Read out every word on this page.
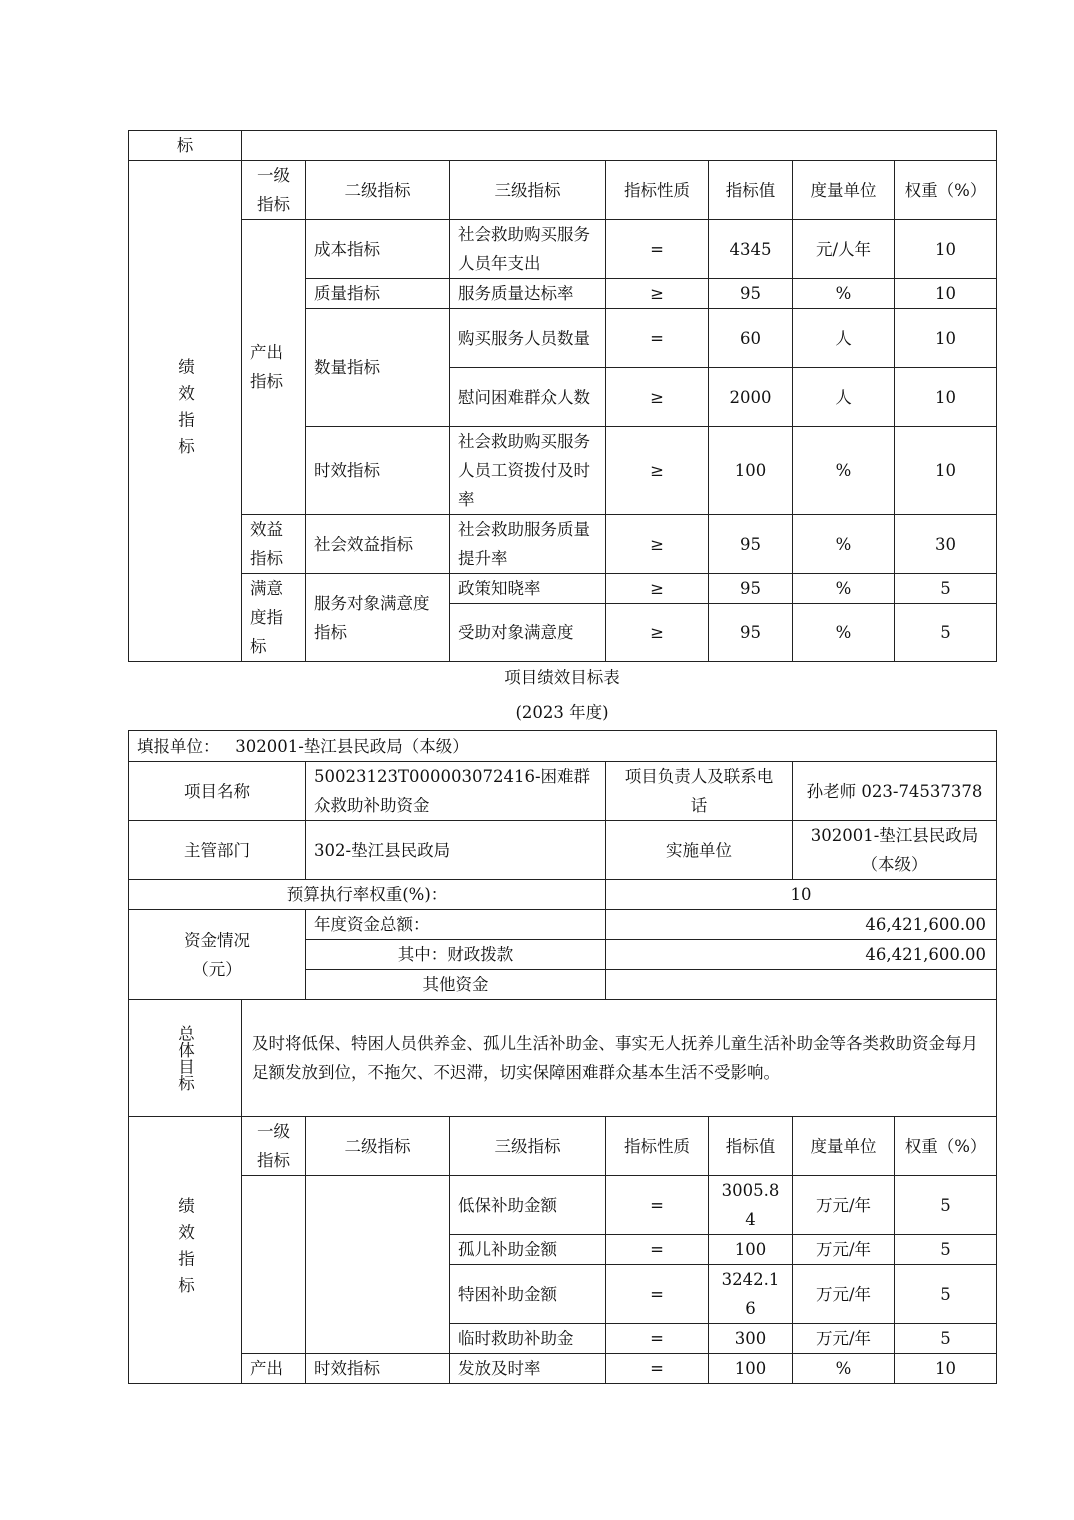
标							
绩效指标	一级指标	二级指标	三级指标	指标性质	指标值	度量单位	权重（%）
	产出指标	成本指标	社会救助购买服务人员年支出	=	4345	元/人年	10
		质量指标	服务质量达标率	≥	95	%	10
		数量指标	购买服务人员数量	=	60	人	10
			慰问困难群众人数	≥	2000	人	10
		时效指标	社会救助购买服务人员工资拨付及时率	≥	100	%	10
	效益指标	社会效益指标	社会救助服务质量提升率	≥	95	%	30
	满意度指标	服务对象满意度指标	政策知晓率	≥	95	%	5
			受助对象满意度	≥	95	%	5
项目绩效目标表
(2023 年度)
填报单位： 302001-垫江县民政局（本级）							
项目名称		50023123T000003072416-困难群众救助补助资金		项目负责人及联系电话		孙老师 023-74537378	
主管部门		302-垫江县民政局		实施单位		302001-垫江县民政局（本级）	
预算执行率权重(%)：				10			
资金情况（元）		年度资金总额：		46,421,600.00			
		其中：财政拨款		46,421,600.00			
		其他资金					
总体目标	及时将低保、特困人员供养金、孤儿生活补助金、事实无人抚养儿童生活补助金等各类救助资金每月足额发放到位，不拖欠、不迟滞，切实保障困难群众基本生活不受影响。						
绩效指标	一级指标	二级指标	三级指标	指标性质	指标值	度量单位	权重（%）
			低保补助金额	=	3005.84	万元/年	5
			孤儿补助金额	=	100	万元/年	5
			特困补助金额	=	3242.16	万元/年	5
			临时救助补助金	=	300	万元/年	5
	产出	时效指标	发放及时率	=	100	%	10
